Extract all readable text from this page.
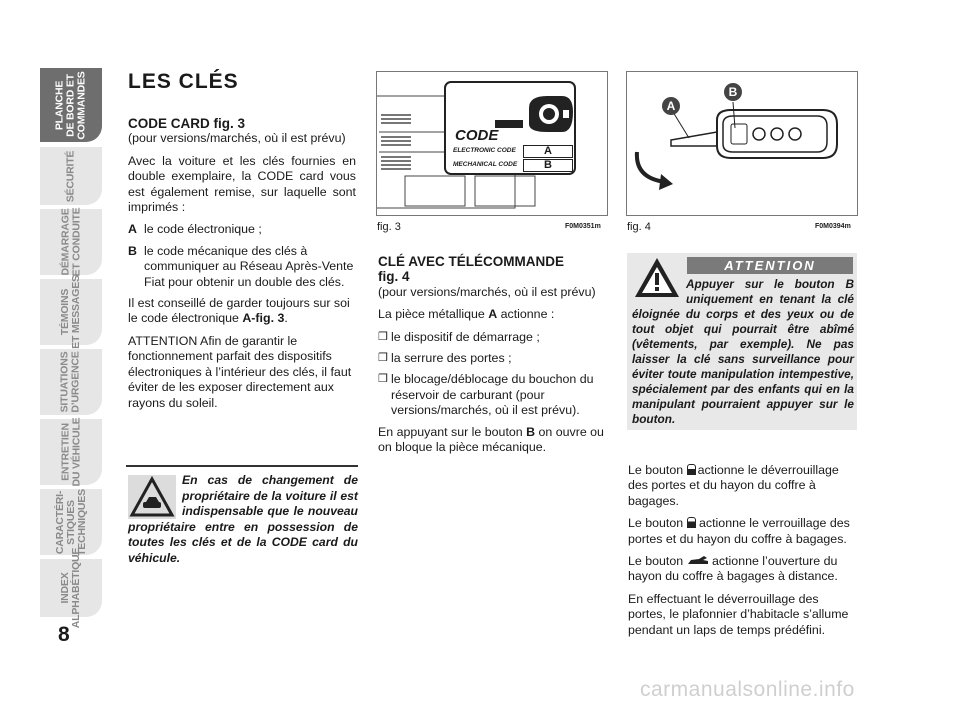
PLANCHE
DE BORD ET
COMMANDES
SÉCURITÉ
DÉMARRAGE
ET CONDUITE
TÉMOINS
ET MESSAGES
SITUATIONS
D’URGENCE
ENTRETIEN
DU VÉHICULE
CARACTÉRI-
STIQUES
TECHNIQUES
INDEX
ALPHABÉTIQUE
8
LES CLÉS
CODE CARD fig. 3

(pour versions/marchés, où il est prévu)

Avec la voiture et les clés fournies en double exemplaire, la CODE card vous est également remise, sur laquelle sont imprimés :

A le code électronique ;
B le code mécanique des clés à communiquer au Réseau Après-Vente Fiat pour obtenir un double des clés.

Il est conseillé de garder toujours sur soi le code électronique A-fig. 3.

ATTENTION Afin de garantir le fonctionnement parfait des dispositifs électroniques à l’intérieur des clés, il faut éviter de les exposer directement aux rayons du soleil.

En cas de changement de propriétaire de la voiture il est indispensable que le nouveau propriétaire entre en possession de toutes les clés et de la CODE card du véhicule.
CODE
ELECTRONIC CODE
MECHANICAL CODE
A
B
fig. 3	F0M0351m
A
B
fig. 4	F0M0394m
CLÉ AVEC TÉLÉCOMMANDE
fig. 4

(pour versions/marchés, où il est prévu)

La pièce métallique A actionne :

❒ le dispositif de démarrage ;
❒ la serrure des portes ;
❒ le blocage/déblocage du bouchon du réservoir de carburant (pour versions/marchés, où il est prévu).

En appuyant sur le bouton B on ouvre ou on bloque la pièce mécanique.

ATTENTION
Appuyer sur le bouton B uniquement en tenant la clé éloignée du corps et des yeux ou de tout objet qui pourrait être abîmé (vêtements, par exemple). Ne pas laisser la clé sans surveillance pour éviter toute manipulation intempestive, spécialement par des enfants qui en la manipulant pourraient appuyer sur le bouton.

Le bouton actionne le déverrouillage des portes et du hayon du coffre à bagages.

Le bouton  actionne le verrouillage des portes et du hayon du coffre à bagages.

Le bouton  actionne l’ouverture du hayon du coffre à bagages à distance.

En effectuant le déverrouillage des portes, le plafonnier d’habitacle s’allume pendant un laps de temps prédéfini.

carmanualsonline.info
